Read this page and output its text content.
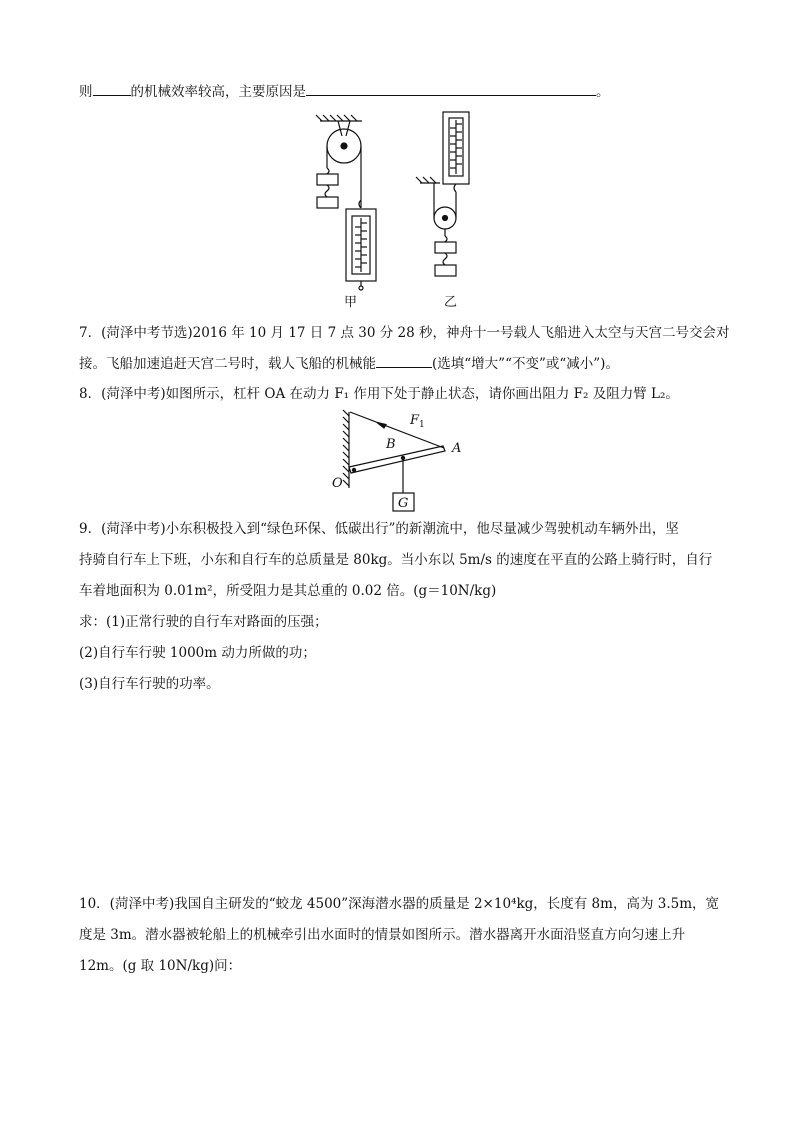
则	的机械效率较高，主要原因是	。
甲	乙
7．(菏泽中考节选)2016 年 10 月 17 日 7 点 30 分 28 秒，神舟十一号载人飞船进入太空与天宫二号交会对
接。飞船加速追赶天宫二号时，载人飞船的机械能	(选填“增大”“不变”或“减小”)。
8．(菏泽中考)如图所示，杠杆 OA 在动力 F₁ 作用下处于静止状态，请你画出阻力 F₂ 及阻力臂 L₂。
$F_1$
B	A
O
G
9．(菏泽中考)小东积极投入到“绿色环保、低碳出行”的新潮流中，他尽量减少驾驶机动车辆外出，坚
持骑自行车上下班，小东和自行车的总质量是 80kg。当小东以 5m/s 的速度在平直的公路上骑行时，自行
车着地面积为 0.01m²，所受阻力是其总重的 0.02 倍。(g＝10N/kg)
求：(1)正常行驶的自行车对路面的压强；
(2)自行车行驶 1000m 动力所做的功；
(3)自行车行驶的功率。
10．(菏泽中考)我国自主研发的“蛟龙 4500”深海潜水器的质量是 2×10⁴kg，长度有 8m，高为 3.5m，宽
度是 3m。潜水器被轮船上的机械牵引出水面时的情景如图所示。潜水器离开水面沿竖直方向匀速上升
12m。(g 取 10N/kg)问：
